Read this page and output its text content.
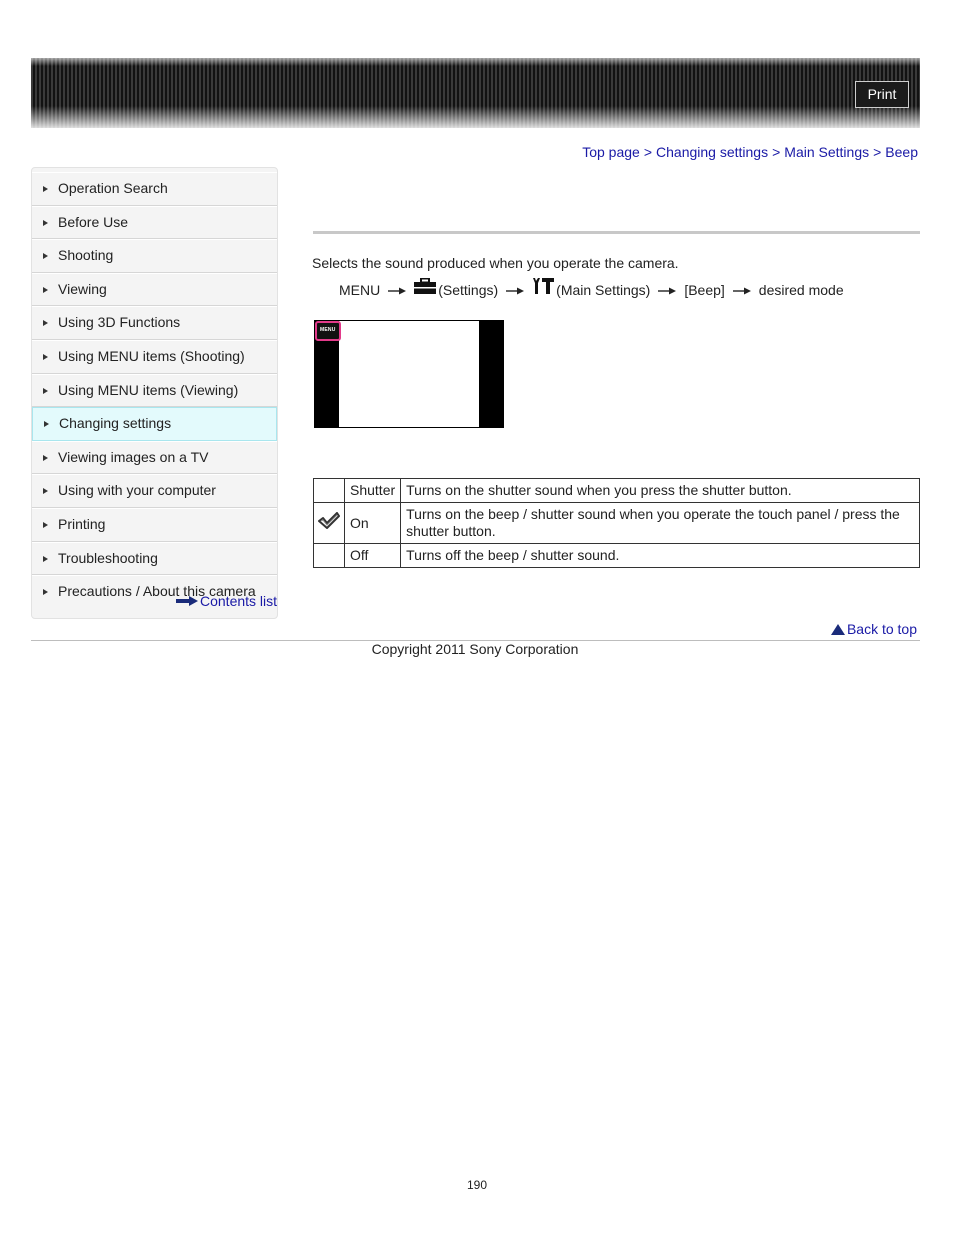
Print
Top page > Changing settings > Main Settings > Beep
Operation Search
Before Use
Shooting
Viewing
Using 3D Functions
Using MENU items (Shooting)
Using MENU items (Viewing)
Changing settings
Viewing images on a TV
Using with your computer
Printing
Troubleshooting
Precautions / About this camera
Contents list
Selects the sound produced when you operate the camera.
MENU	(Settings)	(Main Settings) [Beep] desired mode
MENU
	Shutter	Turns on the shutter sound when you press the shutter button.
	On	Turns on the beep / shutter sound when you operate the touch panel / press the shutter button.
	Off	Turns off the beep / shutter sound.
Back to top
Copyright 2011 Sony Corporation
190
